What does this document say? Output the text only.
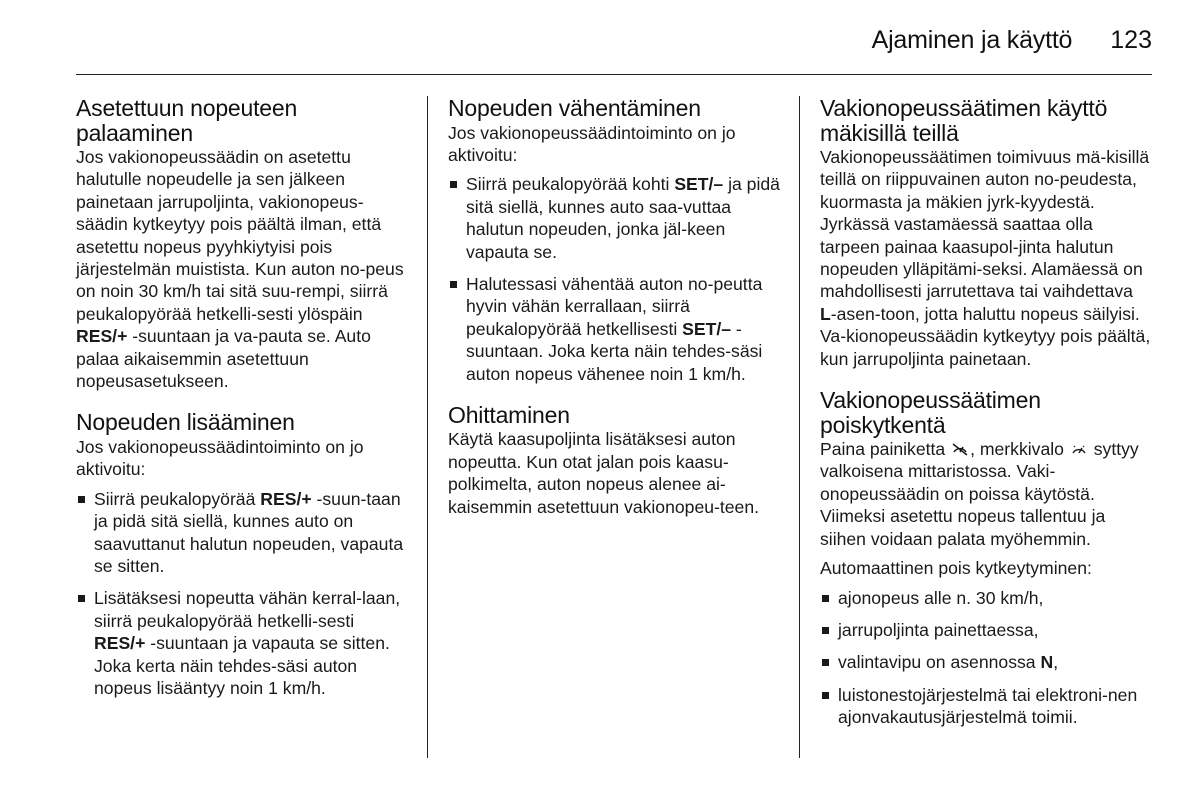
Ajaminen ja käyttö 123
Asetettuun nopeuteen palaaminen

Jos vakionopeussäädin on asetettu halutulle nopeudelle ja sen jälkeen painetaan jarrupoljinta, vakionopeus-säädin kytkeytyy pois päältä ilman, että asetettu nopeus pyyhkiytyisi pois järjestelmän muistista. Kun auton no-peus on noin 30 km/h tai sitä suu-rempi, siirrä peukalopyörää hetkelli-sesti ylöspäin RES/+ -suuntaan ja va-pauta se. Auto palaa aikaisemmin asetettuun nopeusasetukseen.

Nopeuden lisääminen

Jos vakionopeussäädintoiminto on jo aktivoitu:

Siirrä peukalopyörää RES/+ -suun-taan ja pidä sitä siellä, kunnes auto on saavuttanut halutun nopeuden, vapauta se sitten.
Lisätäksesi nopeutta vähän kerral-laan, siirrä peukalopyörää hetkelli-sesti RES/+ -suuntaan ja vapauta se sitten. Joka kerta näin tehdes-säsi auton nopeus lisääntyy noin 1 km/h.
Nopeuden vähentäminen

Jos vakionopeussäädintoiminto on jo aktivoitu:

Siirrä peukalopyörää kohti SET/– ja pidä sitä siellä, kunnes auto saa-vuttaa halutun nopeuden, jonka jäl-keen vapauta se.
Halutessasi vähentää auton no-peutta hyvin vähän kerrallaan, siirrä peukalopyörää hetkellisesti SET/– -suuntaan. Joka kerta näin tehdes-säsi auton nopeus vähenee noin 1 km/h.
Ohittaminen

Käytä kaasupoljinta lisätäksesi auton nopeutta. Kun otat jalan pois kaasu-polkimelta, auton nopeus alenee ai-kaisemmin asetettuun vakionopeu-teen.

Vakionopeussäätimen käyttö mäkisillä teillä

Vakionopeussäätimen toimivuus mä-kisillä teillä on riippuvainen auton no-peudesta, kuormasta ja mäkien jyrk-kyydestä. Jyrkässä vastamäessä saattaa olla tarpeen painaa kaasupol-jinta halutun nopeuden ylläpitämi-seksi. Alamäessä on mahdollisesti jarrutettava tai vaihdettava L-asen-toon, jotta haluttu nopeus säilyisi. Va-kionopeussäädin kytkeytyy pois päältä, kun jarrupoljinta painetaan.

Vakionopeussäätimen poiskytkentä

Paina painiketta , merkkivalo  syttyy valkoisena mittaristossa. Vaki-onopeussäädin on poissa käytöstä. Viimeksi asetettu nopeus tallentuu ja siihen voidaan palata myöhemmin.

Automaattinen pois kytkeytyminen:

ajonopeus alle n. 30 km/h,
jarrupoljinta painettaessa,
valintavipu on asennossa N,
luistonestojärjestelmä tai elektroni-nen ajonvakautusjärjestelmä toimii.
